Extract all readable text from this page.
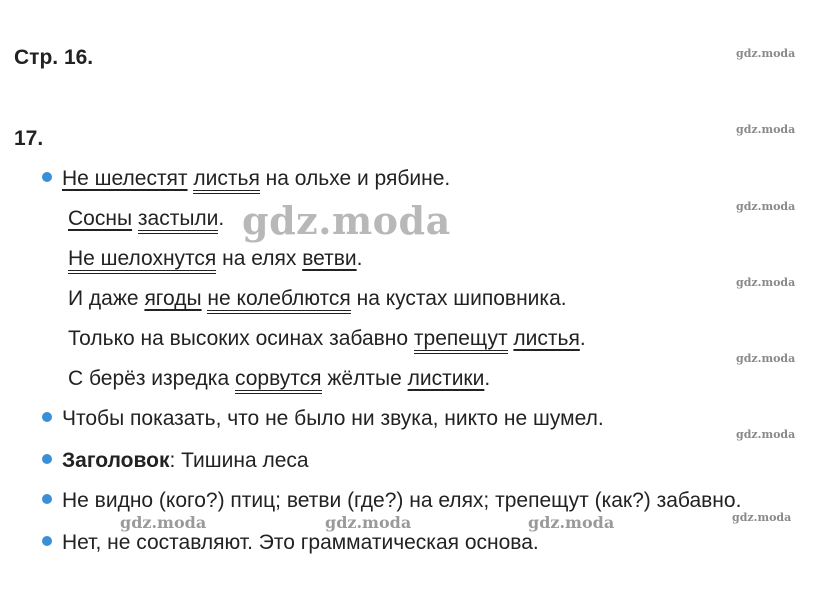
Стр. 16.
17.
Не шелестят листья на ольхе и рябине.
Сосны застыли.
Не шелохнутся на елях ветви.
И даже ягоды не колеблются на кустах шиповника.
Только на высоких осинах забавно трепещут листья.
С берёз изредка сорвутся жёлтые листики.
Чтобы показать, что не было ни звука, никто не шумел.
Заголовок: Тишина леса
Не видно (кого?) птиц; ветви (где?) на елях; трепещут (как?) забавно.
Нет, не составляют. Это грамматическая основа.
gdz.moda
gdz.moda
gdz.moda
gdz.moda
gdz.moda
gdz.moda
gdz.moda
gdz.moda	gdz.moda	gdz.moda
gdz.moda
